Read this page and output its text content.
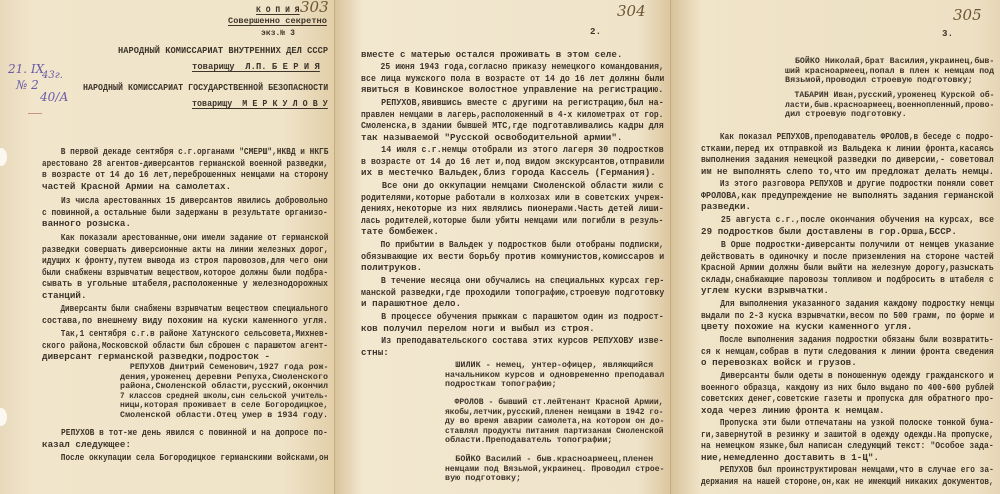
303
К О П И Я
Совершенно секретно
экз.№ 3
НАРОДНЫЙ КОМИССАРИАТ ВНУТРЕННИХ ДЕЛ СССР
товарищу  Л.П. Б Е Р И Я
НАРОДНЫЙ КОМИССАРИАТ ГОСУДАРСТВЕННОЙ БЕЗОПАСНОСТИ
товарищу  М Е Р К У Л О В У
21. IX
43г.
№ 2
40/А
В первой декаде сентября с.г.органами "СМЕРШ",НКВД и НКГБ
арестовано 28 агентов-диверсантов германской военной разведки,
в возрасте от 14 до 16 лет,переброшенных немцами на сторону
частей Красной Армии на самолетах.
Из числа арестованных 15 диверсантов явились добровольно
с повинной,а остальные были задержаны в результате организо-
ванного розыска.
Как показали арестованные,они имели задание от германской
разведки совершать диверсионные акты на линии железных дорог,
идущих к фронту,путем вывода из строя паровозов,для чего они
были снабжены взрывчатым веществом,которое должны были подбра-
сывать в угольные штабеля,расположенные у железнодорожных
станций.
Диверсанты были снабжены взрывчатым веществом специального
состава,по внешнему виду похожим на куски каменного угля.
Так,1 сентября с.г.в районе Хатунского сельсовета,Михнев-
ского района,Московской области был сброшен с парашютом агент-
диверсант германской разведки,подросток -
РЕПУХОВ Дмитрий Семенович,1927 года рож-
дения,уроженец деревни Репуха,Смоленского
района,Смоленской области,русский,окончил
7 классов средней школы,сын сельской учитель-
ницы,которая проживает в селе Богородицкое,
Смоленской области.Отец умер в 1934 году.
РЕПУХОВ в тот-же день явился с повинной и на допросе по-
казал следующее:
После оккупации села Богородицкое германскими войсками,он
304
2.
вместе с матерью остался проживать в этом селе.
25 июня 1943 года,согласно приказу немецкого командования,
все лица мужского пола в возрасте от 14 до 16 лет должны были
явиться в Ковинское волостное управление на регистрацию.
РЕПУХОВ,явившись вместе с другими на регистрацию,был на-
правлен немцами в лагерь,расположенный в 4-х километрах от гор.
Смоленска,в здании бывшей МТС,где подготавливались кадры для
так называемой "Русской освободительной армии".
14 июля с.г.немцы отобрали из этого лагеря 30 подростков
в возрасте от 14 до 16 лет и,под видом экскурсантов,отправили
их в местечко Вальдек,близ города Кассель (Германия).
Все они до оккупации немцами Смоленской области жили с
родителями,которые работали в колхозах или в советских учреж-
дениях,некоторые из них являлись пионерами.Часть детей лиши-
лась родителей,которые были убиты немцами или погибли в резуль-
тате бомбежек.
По прибытии в Вальдек у подростков были отобраны подписки,
обязывающие их вести борьбу против коммунистов,комиссаров и
политруков.
В течение месяца они обучались на специальных курсах гер-
манской разведки,где проходили топографию,строевую подготовку
и парашютное дело.
В процессе обучения прыжкам с парашютом один из подрост-
ков получил перелом ноги и выбыл из строя.
Из преподавательского состава этих курсов РЕПУХОВУ изве-
стны:
ШИЛИК - немец, унтер-офицер, являющийся
начальником курсов и одновременно преподавал
подросткам топографию;
ФРОЛОВ - бывший ст.лейтенант Красной Армии,
якобы,летчик,русский,пленен немцами в 1942 го-
ду во время аварии самолета,на котором он до-
ставлял продукты питания партизанам Смоленской
области.Преподаватель топографии;
БОЙКО Василий - быв.красноармеец,пленен
немцами под Вязьмой,украинец. Проводил строе-
вую подготовку;
305
3.
БОЙКО Николай,брат Василия,украинец,быв-
ший красноармеец,попал в плен к немцам под
Вязьмой,проводил строевую подготовку;
ТАБАРИН Иван,русский,уроженец Курской об-
ласти,быв.красноармеец,военнопленный,прово-
дил строевую подготовку.
Как показал РЕПУХОВ,преподаватель ФРОЛОВ,в беседе с подро-
стками,перед их отправкой из Вальдека к линии фронта,касаясь
выполнения задания немецкой разведки по диверсии,- советовал
им не выполнять слепо то,что им предложат делать немцы.
Из этого разговора РЕПУХОВ и другие подростки поняли совет
ФРОЛОВА,как предупреждение не выполнять задания германской
разведки.
25 августа с.г.,после окончания обучения на курсах, все
29 подростков были доставлены в гор.Орша,БССР.
В Орше подростки-диверсанты получили от немцев указание
действовать в одиночку и после приземления на стороне частей
Красной Армии должны были выйти на железную дорогу,разыскать
склады,снабжающие паровозы топливом и подбросить в штабеля с
углем куски взрывчатки.
Для выполнения указанного задания каждому подростку немцы
выдали по 2-3 куска взрывчатки,весом по 500 грамм, по форме и
цвету похожие на куски каменного угля.
После выполнения задания подростки обязаны были возвратить-
ся к немцам,собрав в пути следования к линии фронта сведения
о перевозках войск и грузов.
Диверсанты были одеты в поношенную одежду гражданского и
военного образца, каждому из них было выдано по 400-600 рублей
советских денег,советские газеты и пропуска для обратного про-
хода через линию фронта к немцам.
Пропуска эти были отпечатаны на узкой полоске тонкой бума-
ги,завернутой в резинку и зашитой в одежду одежды.На пропуске,
на немецком языке,был написан следующий текст: "Особое зада-
ние,немедленно доставить в 1-Ц".
РЕПУХОВ был проинструктирован немцами,что в случае его за-
держания на нашей стороне,он,как не имеющий никаких документов,
